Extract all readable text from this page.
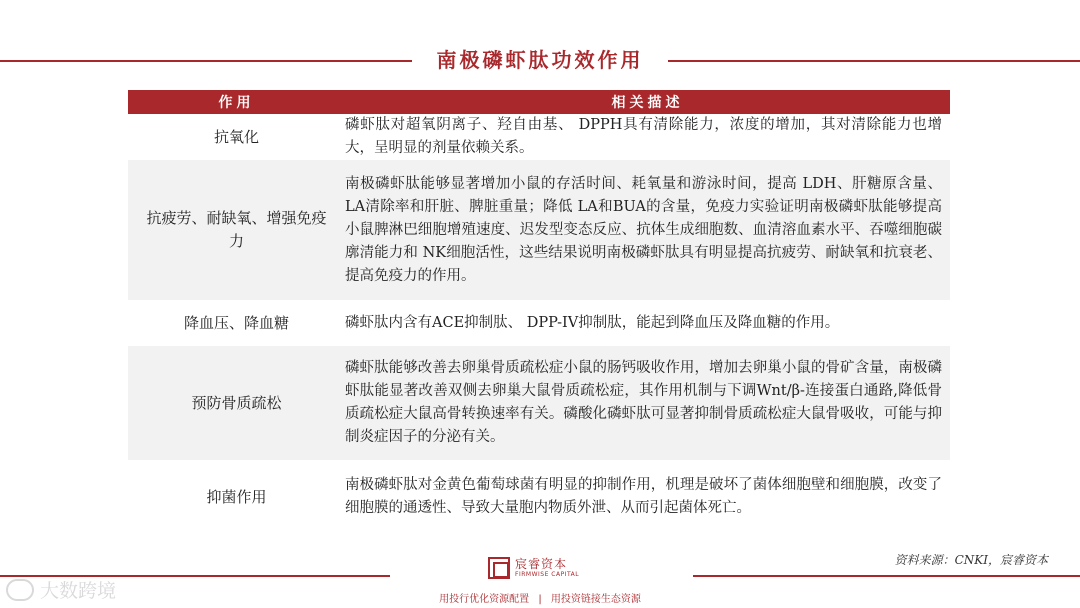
南极磷虾肽功效作用
作用	相关描述
抗氧化
磷虾肽对超氧阴离子、羟自由基、 DPPH具有清除能力，浓度的增加，其对清除能力也增大，呈明显的剂量依赖关系。
抗疲劳、耐缺氧、增强免疫力
南极磷虾肽能够显著增加小鼠的存活时间、耗氧量和游泳时间，提高 LDH、肝糖原含量、 LA清除率和肝脏、脾脏重量；降低 LA和BUA的含量，免疫力实验证明南极磷虾肽能够提高小鼠脾淋巴细胞增殖速度、迟发型变态反应、抗体生成细胞数、血清溶血素水平、吞噬细胞碳廓清能力和 NK细胞活性，这些结果说明南极磷虾肽具有明显提高抗疲劳、耐缺氧和抗衰老、提高免疫力的作用。
降血压、降血糖	磷虾肽内含有ACE抑制肽、 DPP-IV抑制肽，能起到降血压及降血糖的作用。
预防骨质疏松
磷虾肽能够改善去卵巢骨质疏松症小鼠的肠钙吸收作用，增加去卵巢小鼠的骨矿含量，南极磷虾肽能显著改善双侧去卵巢大鼠骨质疏松症，其作用机制与下调Wnt/β-连接蛋白通路,降低骨质疏松症大鼠高骨转换速率有关。磷酸化磷虾肽可显著抑制骨质疏松症大鼠骨吸收，可能与抑制炎症因子的分泌有关。
抑菌作用
南极磷虾肽对金黄色葡萄球菌有明显的抑制作用，机理是破坏了菌体细胞壁和细胞膜，改变了细胞膜的通透性、导致大量胞内物质外泄、从而引起菌体死亡。
资料来源：CNKI，宸睿资本
宸睿资本
FIRMWISE CAPITAL
用投行优化资源配置 | 用投资链接生态资源
大数跨境
